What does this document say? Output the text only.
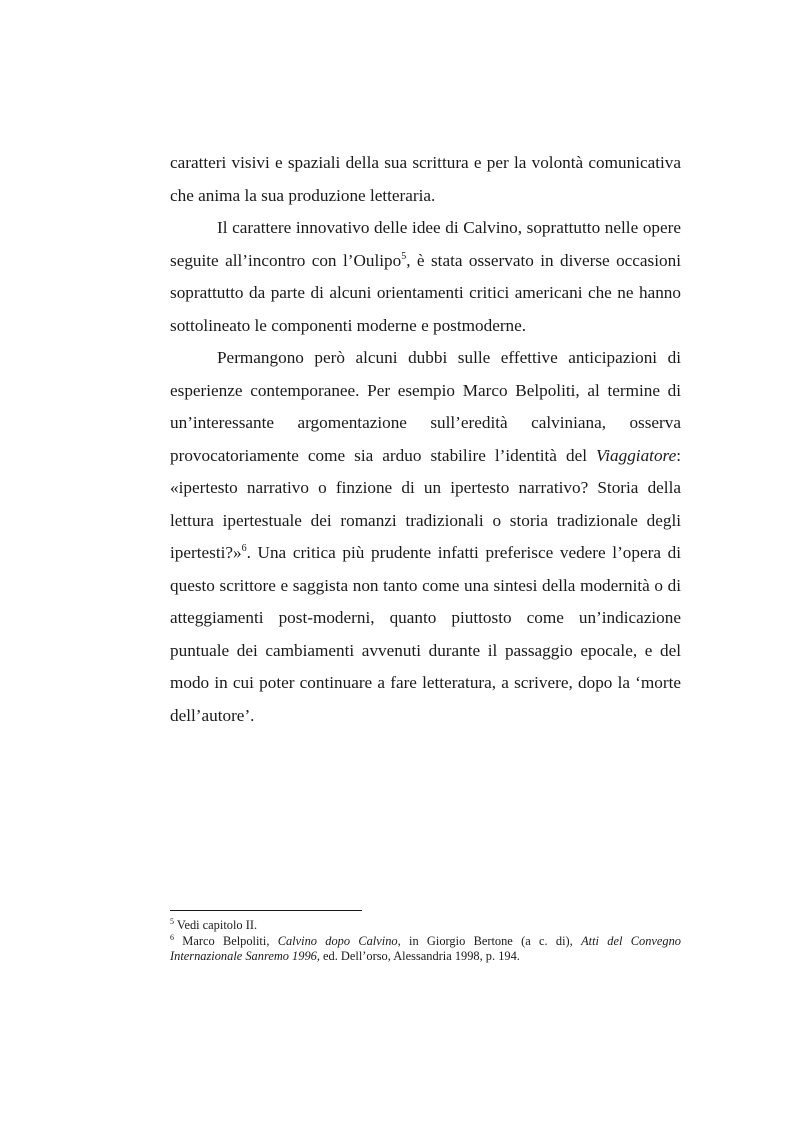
caratteri visivi e spaziali della sua scrittura e per la volontà comunicativa che anima la sua produzione letteraria.

Il carattere innovativo delle idee di Calvino, soprattutto nelle opere seguite all’incontro con l’Oulipo$^5$, è stata osservato in diverse occasioni soprattutto da parte di alcuni orientamenti critici americani che ne hanno sottolineato le componenti moderne e postmoderne.

Permangono però alcuni dubbi sulle effettive anticipazioni di esperienze contemporanee. Per esempio Marco Belpoliti, al termine di un’interessante argomentazione sull’eredità calviniana, osserva provocatoriamente come sia arduo stabilire l’identità del Viaggiatore: «ipertesto narrativo o finzione di un ipertesto narrativo? Storia della lettura ipertestuale dei romanzi tradizionali o storia tradizionale degli ipertesti?»$^6$. Una critica più prudente infatti preferisce vedere l’opera di questo scrittore e saggista non tanto come una sintesi della modernità o di atteggiamenti post-moderni, quanto piuttosto come un’indicazione puntuale dei cambiamenti avvenuti durante il passaggio epocale, e del modo in cui poter continuare a fare letteratura, a scrivere, dopo la ‘morte dell’autore’.

$^5$ Vedi capitolo II.

$^6$ Marco Belpoliti, Calvino dopo Calvino, in Giorgio Bertone (a c. di), Atti del Convegno Internazionale Sanremo 1996, ed. Dell’orso, Alessandria 1998, p. 194.
